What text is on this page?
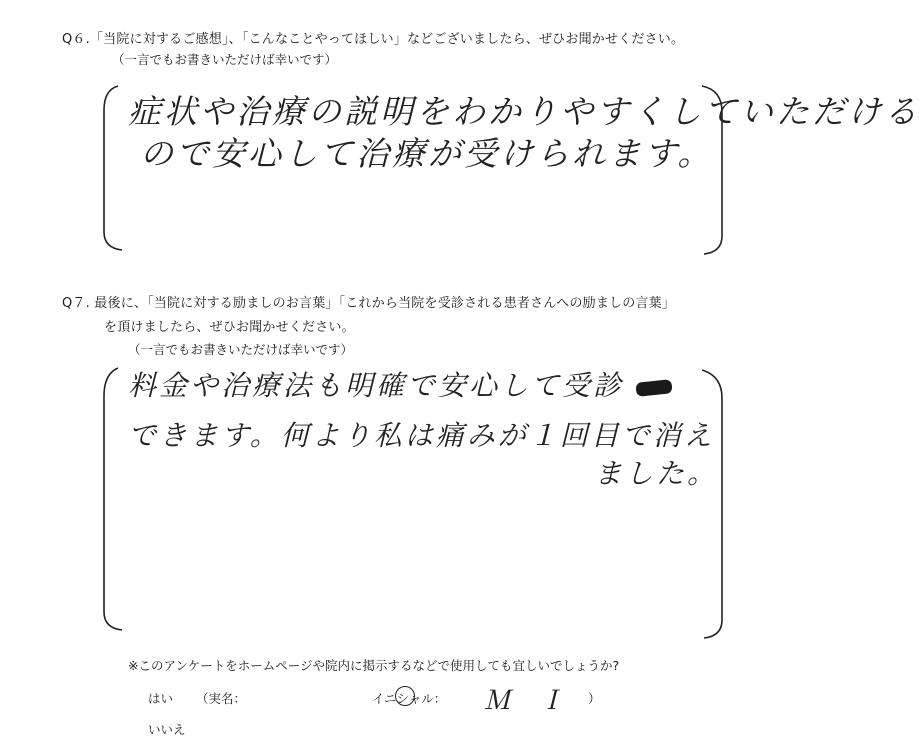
Q６.「当院に対するご感想」、「こんなことやってほしい」などございましたら、ぜひお聞かせください。
（一言でもお書きいただけば幸いです）
症状や治療の説明をわかりやすくしていただける
ので安心して治療が受けられます。
Q７. 最後に、「当院に対する励ましのお言葉」「これから当院を受診される患者さんへの励ましの言葉」
を頂けましたら、ぜひお聞かせください。
（一言でもお書きいただけば幸いです）
料金や治療法も明確で安心して受診
できます。何より私は痛みが１回目で消え
ました。
※このアンケートをホームページや院内に掲示するなどで使用しても宜しいでしょうか?
はい （実名：	イニシャル： Ｍ Ｉ ）
いいえ
